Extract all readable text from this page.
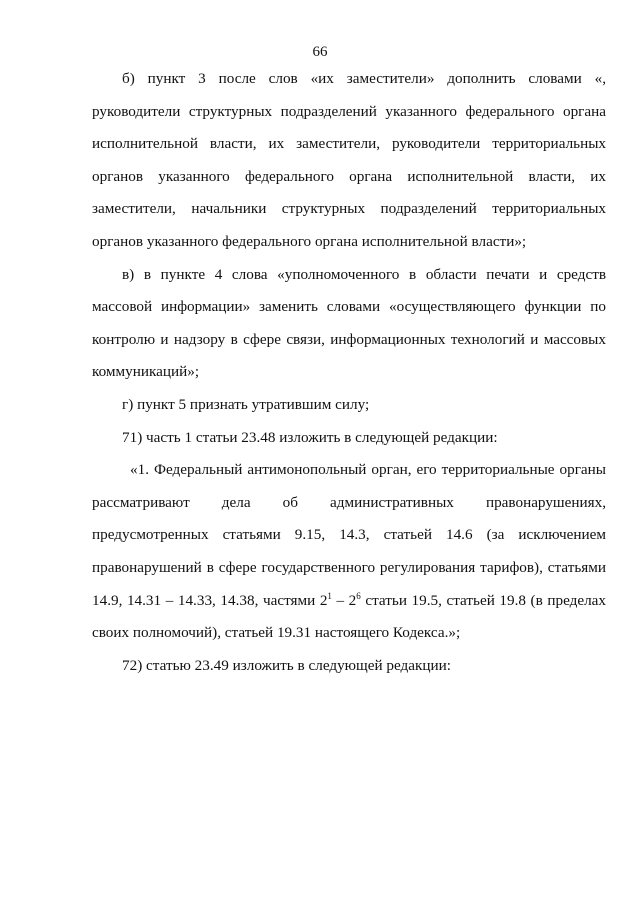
66

б) пункт 3 после слов «их заместители» дополнить словами «, руководители структурных подразделений указанного федерального органа исполнительной власти, их заместители, руководители территориальных органов указанного федерального органа исполнительной власти, их заместители, начальники структурных подразделений территориальных органов указанного федерального органа исполнительной власти»;

в) в пункте 4 слова «уполномоченного в области печати и средств массовой информации» заменить словами «осуществляющего функции по контролю и надзору в сфере связи, информационных технологий и массовых коммуникаций»;

г) пункт 5 признать утратившим силу;

71) часть 1 статьи 23.48 изложить в следующей редакции:

«1. Федеральный антимонопольный орган, его территориальные органы рассматривают дела об административных правонарушениях, предусмотренных статьями 9.15, 14.3, статьей 14.6 (за исключением правонарушений в сфере государственного регулирования тарифов), статьями 14.9, 14.31 – 14.33, 14.38, частями $2^1 - 2^6$ статьи 19.5, статьей 19.8 (в пределах своих полномочий), статьей 19.31 настоящего Кодекса.»;

72) статью 23.49 изложить в следующей редакции:
